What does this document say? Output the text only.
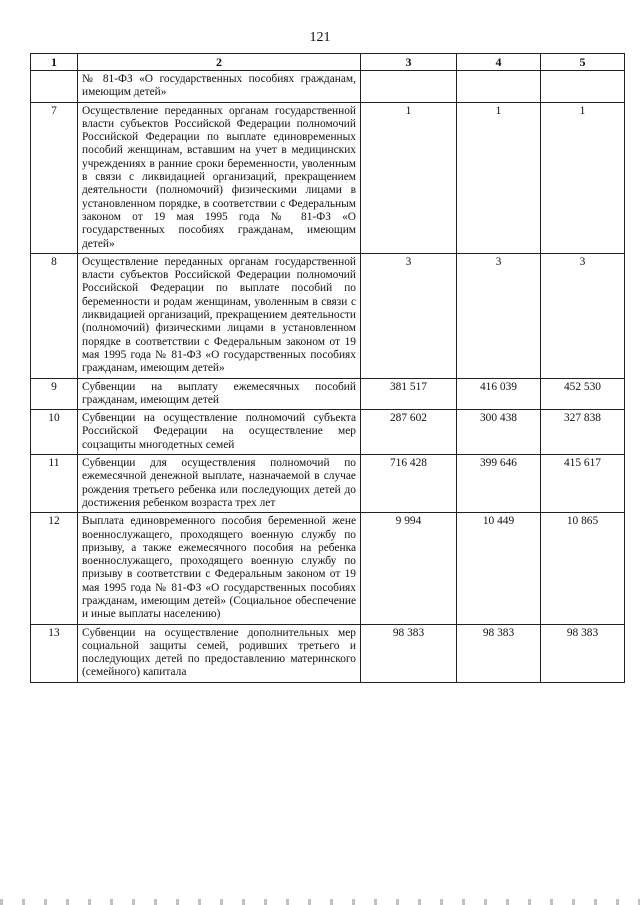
121
1	2	3	4	5
	№ 81-ФЗ «О государственных пособиях гражданам, имеющим детей»			
7	Осуществление переданных органам государственной власти субъектов Российской Федерации полномочий Российской Федерации по выплате единовременных пособий женщинам, вставшим на учет в медицинских учреждениях в ранние сроки беременности, уволенным в связи с ликвидацией организаций, прекращением деятельности (полномочий) физическими лицами в установленном порядке, в соответствии с Федеральным законом от 19 мая 1995 года № 81-ФЗ «О государственных пособиях гражданам, имеющим детей»	1	1	1
8	Осуществление переданных органам государственной власти субъектов Российской Федерации полномочий Российской Федерации по выплате пособий по беременности и родам женщинам, уволенным в связи с ликвидацией организаций, прекращением деятельности (полномочий) физическими лицами в установленном порядке в соответствии с Федеральным законом от 19 мая 1995 года № 81-ФЗ «О государственных пособиях гражданам, имеющим детей»	3	3	3
9	Субвенции на выплату ежемесячных пособий гражданам, имеющим детей	381 517	416 039	452 530
10	Субвенции на осуществление полномочий субъекта Российской Федерации на осуществление мер соцзащиты многодетных семей	287 602	300 438	327 838
11	Субвенции для осуществления полномочий по ежемесячной денежной выплате, назначаемой в случае рождения третьего ребенка или последующих детей до достижения ребенком возраста трех лет	716 428	399 646	415 617
12	Выплата единовременного пособия беременной жене военнослужащего, проходящего военную службу по призыву, а также ежемесячного пособия на ребенка военнослужащего, проходящего военную службу по призыву в соответствии с Федеральным законом от 19 мая 1995 года № 81-ФЗ «О государственных пособиях гражданам, имеющим детей» (Социальное обеспечение и иные выплаты населению)	9 994	10 449	10 865
13	Субвенции на осуществление дополнительных мер социальной защиты семей, родивших третьего и последующих детей по предоставлению материнского (семейного) капитала	98 383	98 383	98 383
